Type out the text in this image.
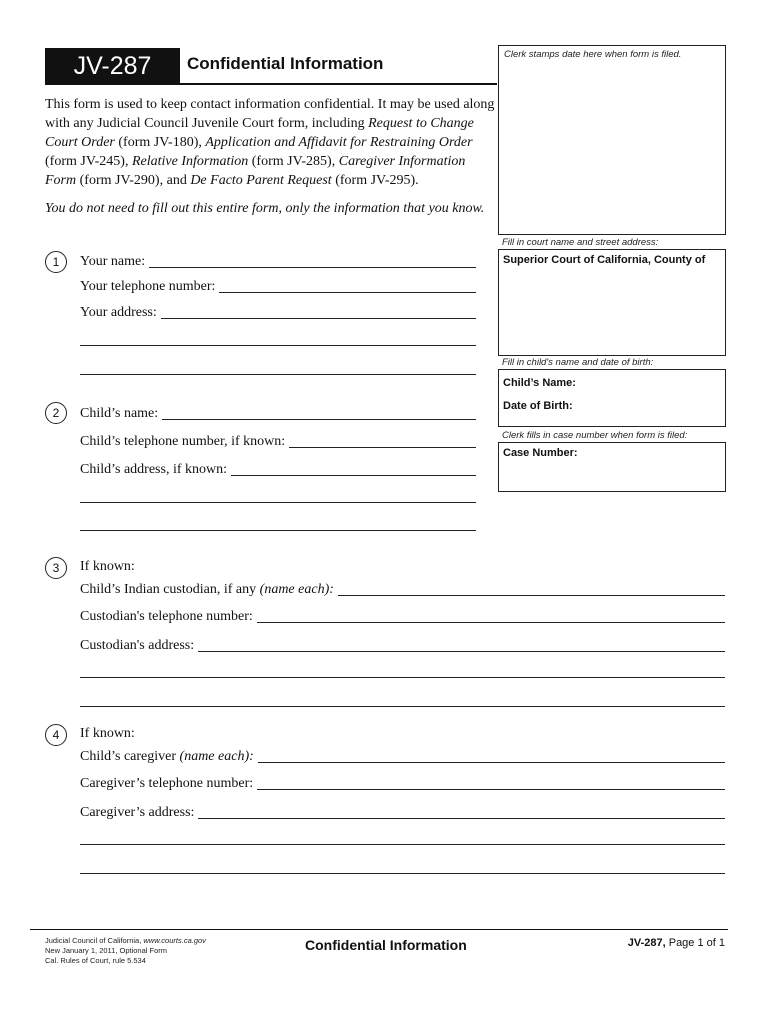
JV-287	Confidential Information
This form is used to keep contact information confidential. It may be used along with any Judicial Council Juvenile Court form, including Request to Change Court Order (form JV-180), Application and Affidavit for Restraining Order (form JV-245), Relative Information (form JV-285), Caregiver Information Form (form JV-290), and De Facto Parent Request (form JV-295).
You do not need to fill out this entire form, only the information that you know.
Clerk stamps date here when form is filed.
Fill in court name and street address:
Superior Court of California, County of
Fill in child's name and date of birth:
Child’s Name:
Date of Birth:
Clerk fills in case number when form is filed:
Case Number:
1	Your name:
Your telephone number:
Your address:
2	Child’s name:
Child’s telephone number, if known:
Child’s address, if known:
3	If known:
Child’s Indian custodian, if any (name each):
Custodian's telephone number:
Custodian's address:
4	If known:
Child’s caregiver (name each):
Caregiver’s telephone number:
Caregiver’s address:
Judicial Council of California, www.courts.ca.gov
New January 1, 2011, Optional Form
Cal. Rules of Court, rule 5.534
Confidential Information	JV-287, Page 1 of 1
